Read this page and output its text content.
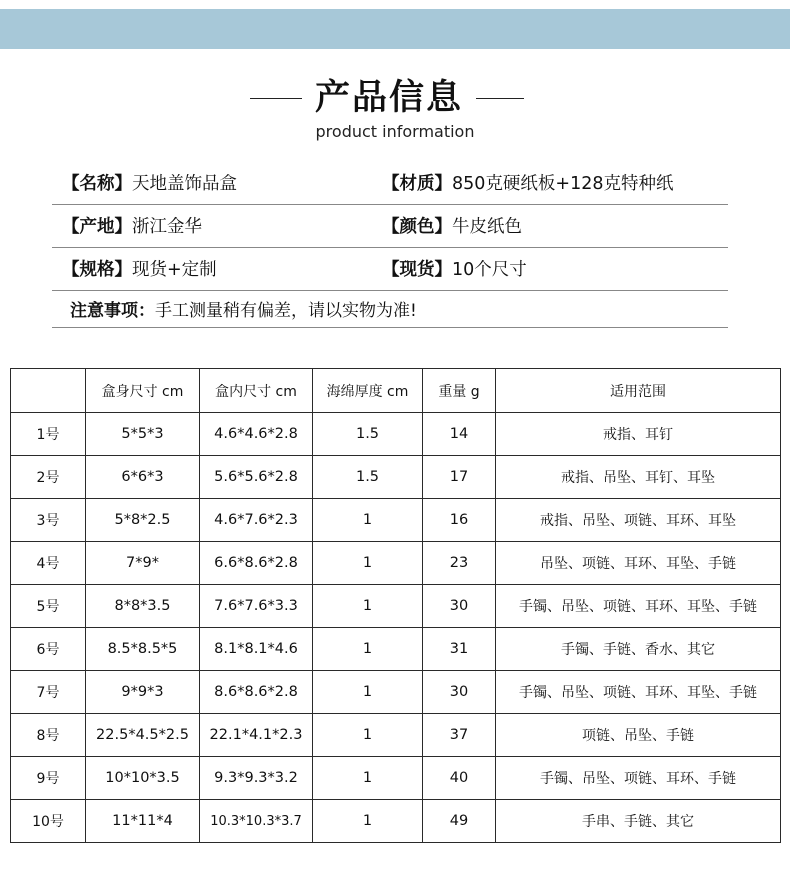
产品信息
product information
【名称】天地盖饰品盒	【材质】850克硬纸板+128克特种纸
【产地】浙江金华	【颜色】牛皮纸色
【规格】现货+定制	【现货】10个尺寸
注意事项：手工测量稍有偏差，请以实物为准!
	盒身尺寸 cm	盒内尺寸 cm	海绵厚度 cm	重量 g	适用范围
1号	5*5*3	4.6*4.6*2.8	1.5	14	戒指、耳钉
2号	6*6*3	5.6*5.6*2.8	1.5	17	戒指、吊坠、耳钉、耳坠
3号	5*8*2.5	4.6*7.6*2.3	1	16	戒指、吊坠、项链、耳环、耳坠
4号	7*9*	6.6*8.6*2.8	1	23	吊坠、项链、耳环、耳坠、手链
5号	8*8*3.5	7.6*7.6*3.3	1	30	手镯、吊坠、项链、耳环、耳坠、手链
6号	8.5*8.5*5	8.1*8.1*4.6	1	31	手镯、手链、香水、其它
7号	9*9*3	8.6*8.6*2.8	1	30	手镯、吊坠、项链、耳环、耳坠、手链
8号	22.5*4.5*2.5	22.1*4.1*2.3	1	37	项链、吊坠、手链
9号	10*10*3.5	9.3*9.3*3.2	1	40	手镯、吊坠、项链、耳环、手链
10号	11*11*4	10.3*10.3*3.7	1	49	手串、手链、其它
